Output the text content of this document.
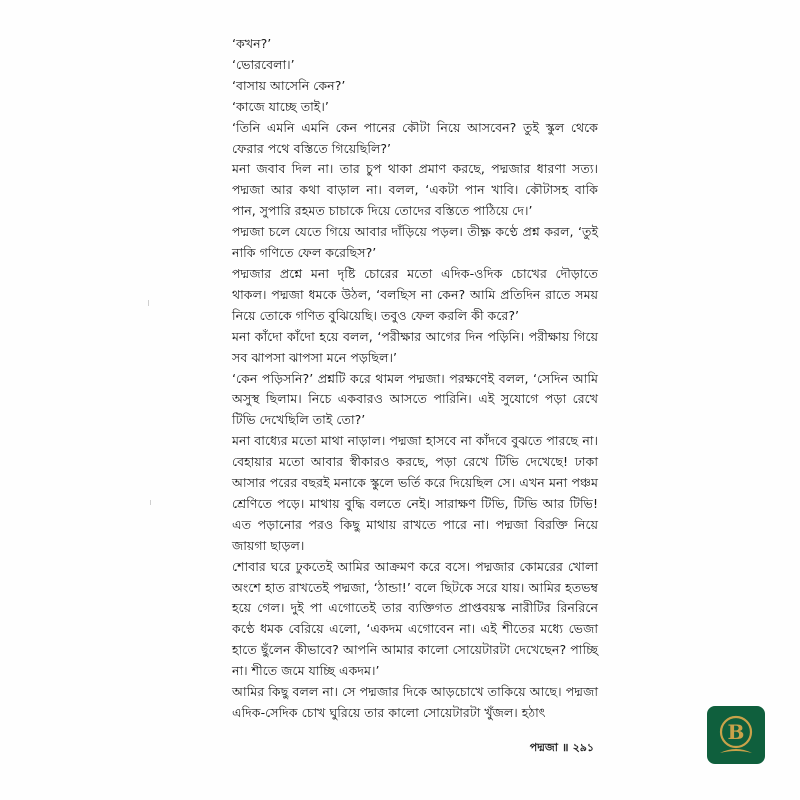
‘কখন?’

‘ভোরবেলা।’

‘বাসায় আসেনি কেন?’

‘কাজে যাচ্ছে তাই।’

‘তিনি এমনি এমনি কেন পানের কৌটা নিয়ে আসবেন? তুই স্কুল থেকে ফেরার পথে বস্তিতে গিয়েছিলি?’

মনা জবাব দিল না। তার চুপ থাকা প্রমাণ করছে, পদ্মজার ধারণা সত্য। পদ্মজা আর কথা বাড়াল না। বলল, ‘একটা পান খাবি। কৌটাসহ বাকি পান, সুপারি রহমত চাচাকে দিয়ে তোদের বস্তিতে পাঠিয়ে দে।’

পদ্মজা চলে যেতে গিয়ে আবার দাঁড়িয়ে পড়ল। তীক্ষ্ণ কণ্ঠে প্রশ্ন করল, ‘তুই নাকি গণিতে ফেল করেছিস?’

পদ্মজার প্রশ্নে মনা দৃষ্টি চোরের মতো এদিক-ওদিক চোখের দৌড়াতে থাকল। পদ্মজা ধমকে উঠল, ‘বলছিস না কেন? আমি প্রতিদিন রাতে সময় নিয়ে তোকে গণিত বুঝিয়েছি। তবুও ফেল করলি কী করে?’

মনা কাঁদো কাঁদো হয়ে বলল, ‘পরীক্ষার আগের দিন পড়িনি। পরীক্ষায় গিয়ে সব ঝাপসা ঝাপসা মনে পড়ছিল।’

‘কেন পড়িসনি?’ প্রশ্নটি করে থামল পদ্মজা। পরক্ষণেই বলল, ‘সেদিন আমি অসুস্থ ছিলাম। নিচে একবারও আসতে পারিনি। এই সুযোগে পড়া রেখে টিভি দেখেছিলি তাই তো?’

মনা বাধ্যের মতো মাথা নাড়াল। পদ্মজা হাসবে না কাঁদবে বুঝতে পারছে না। বেহায়ার মতো আবার স্বীকারও করছে, পড়া রেখে টিভি দেখেছে! ঢাকা আসার পরের বছরই মনাকে স্কুলে ভর্তি করে দিয়েছিল সে। এখন মনা পঞ্চম শ্রেণিতে পড়ে। মাথায় বুদ্ধি বলতে নেই। সারাক্ষণ টিভি, টিভি আর টিভি! এত পড়ানোর পরও কিছু মাথায় রাখতে পারে না। পদ্মজা বিরক্তি নিয়ে জায়গা ছাড়ল।

শোবার ঘরে ঢুকতেই আমির আক্রমণ করে বসে। পদ্মজার কোমরের খোলা অংশে হাত রাখতেই পদ্মজা, ‘ঠান্ডা!’ বলে ছিটকে সরে যায়। আমির হতভম্ব হয়ে গেল। দুই পা এগোতেই তার ব্যক্তিগত প্রাপ্তবয়স্ক নারীটির রিনরিনে কণ্ঠে ধমক বেরিয়ে এলো, ‘একদম এগোবেন না। এই শীতের মধ্যে ভেজা হাতে ছুঁলেন কীভাবে? আপনি আমার কালো সোয়েটারটা দেখেছেন? পাচ্ছি না। শীতে জমে যাচ্ছি একদম।’

আমির কিছু বলল না। সে পদ্মজার দিকে আড়চোখে তাকিয়ে আছে। পদ্মজা এদিক-সেদিক চোখ ঘুরিয়ে তার কালো সোয়েটারটা খুঁজল। হঠাৎ

পদ্মজা ॥ ২৯১
B
